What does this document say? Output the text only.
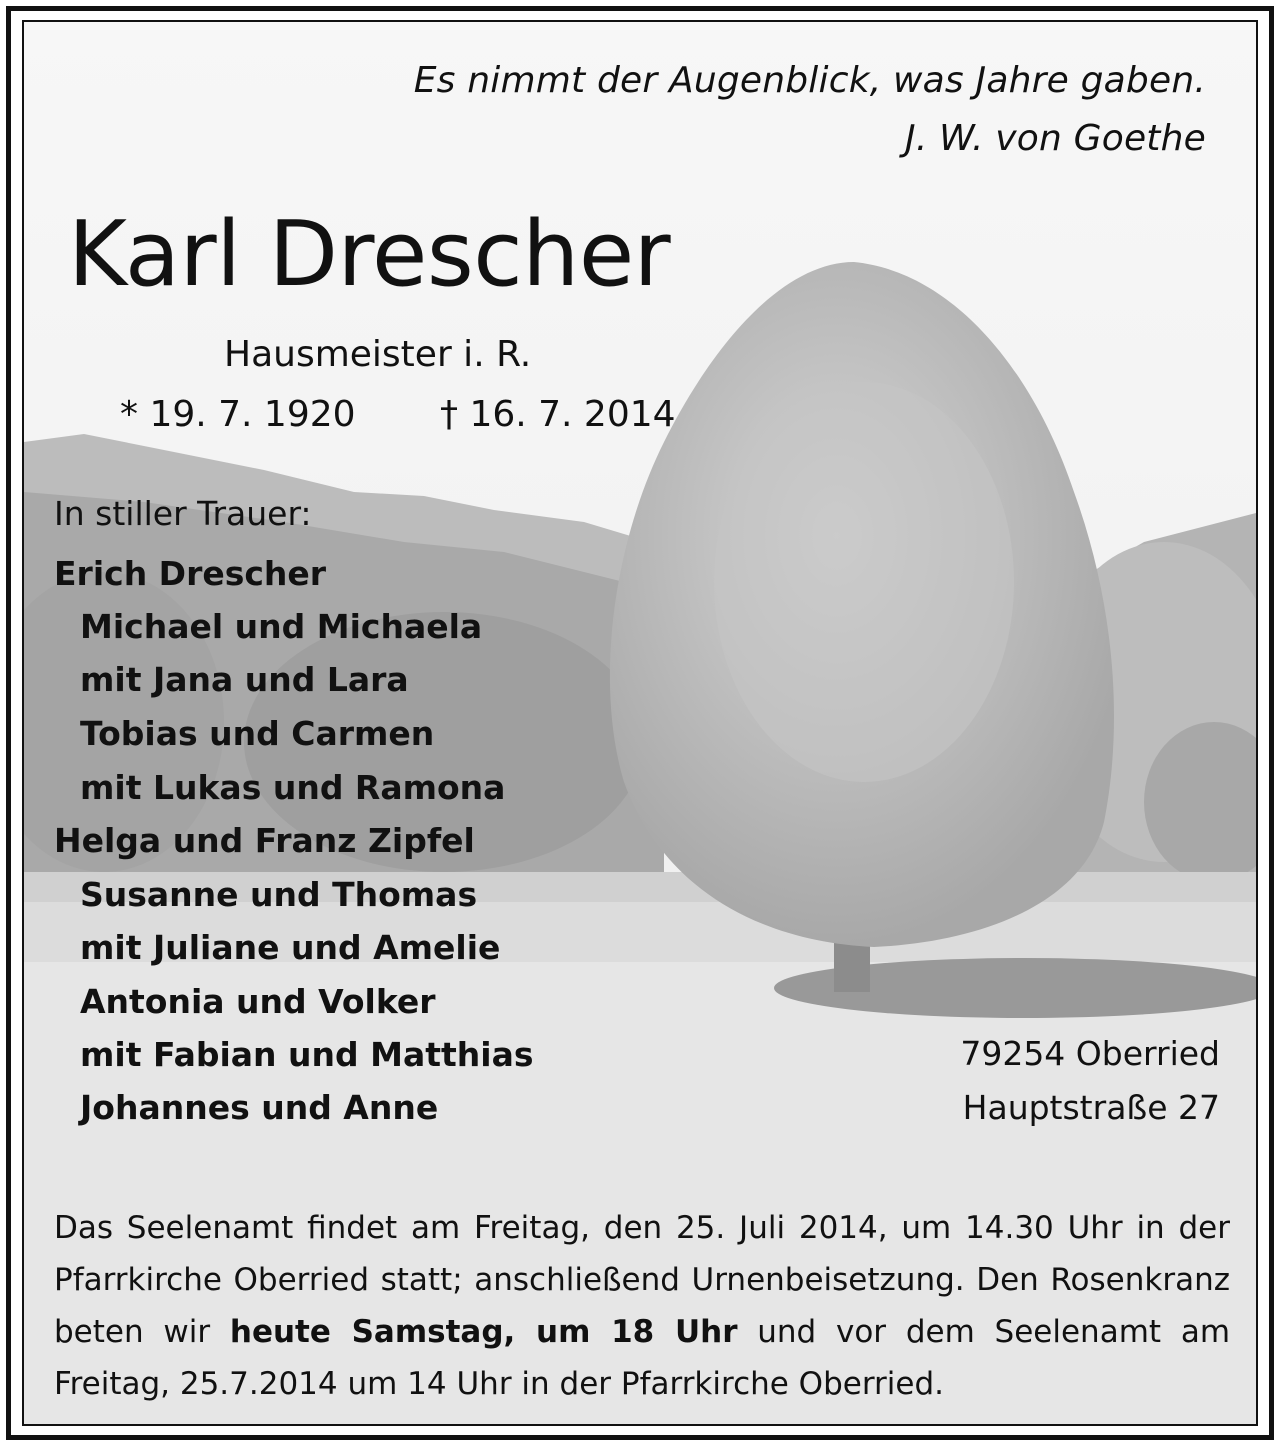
Es nimmt der Augenblick, was Jahre gaben.
J. W. von Goethe
Karl Drescher
Hausmeister i. R.
* 19. 7. 1920 † 16. 7. 2014
In stiller Trauer:
Erich Drescher
Michael und Michaela
mit Jana und Lara
Tobias und Carmen
mit Lukas und Ramona
Helga und Franz Zipfel
Susanne und Thomas
mit Juliane und Amelie
Antonia und Volker
mit Fabian und Matthias
Johannes und Anne
79254 Oberried
Hauptstraße 27
Das Seelenamt findet am Freitag, den 25. Juli 2014, um 14.30 Uhr in der Pfarrkirche Oberried statt; anschließend Urnenbeisetzung. Den Rosenkranz beten wir heute Samstag, um 18 Uhr und vor dem Seelenamt am Freitag, 25.7.2014 um 14 Uhr in der Pfarrkirche Oberried.
